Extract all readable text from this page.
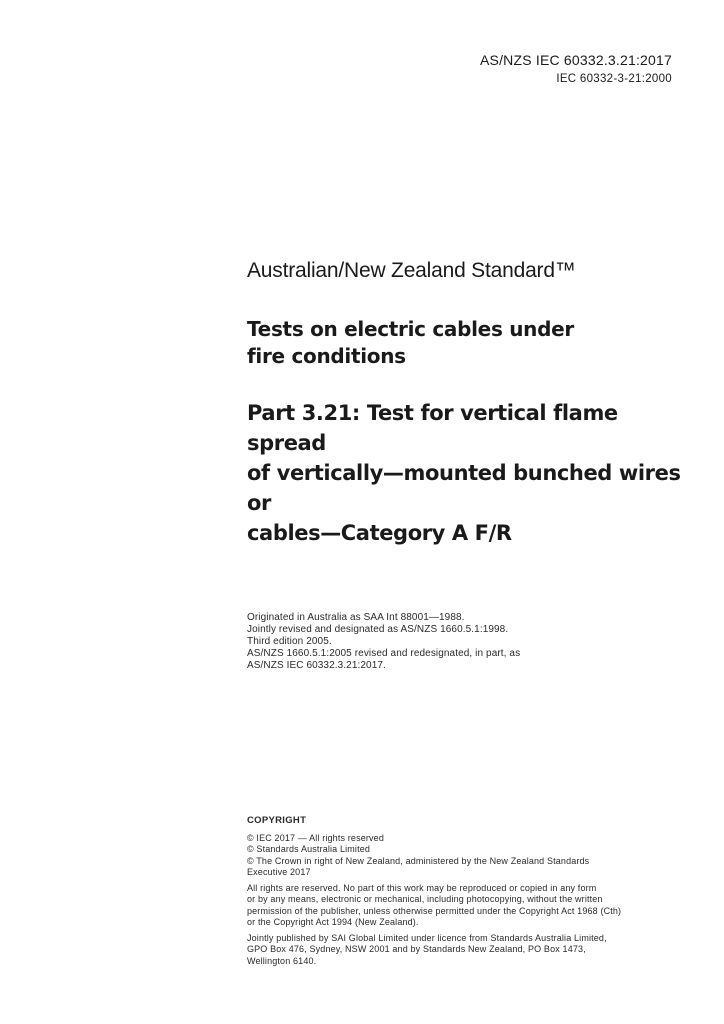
AS/NZS IEC 60332.3.21:2017
IEC 60332-3-21:2000
Australian/New Zealand Standard™
Tests on electric cables under
fire conditions
Part 3.21: Test for vertical flame spread
of vertically—mounted bunched wires or
cables—Category A F/R
Originated in Australia as SAA Int 88001—1988.
Jointly revised and designated as AS/NZS 1660.5.1:1998.
Third edition 2005.
AS/NZS 1660.5.1:2005 revised and redesignated, in part, as
AS/NZS IEC 60332.3.21:2017.
COPYRIGHT
© IEC 2017 — All rights reserved
© Standards Australia Limited
© The Crown in right of New Zealand, administered by the New Zealand Standards
Executive 2017
All rights are reserved. No part of this work may be reproduced or copied in any form
or by any means, electronic or mechanical, including photocopying, without the written
permission of the publisher, unless otherwise permitted under the Copyright Act 1968 (Cth)
or the Copyright Act 1994 (New Zealand).
Jointly published by SAI Global Limited under licence from Standards Australia Limited,
GPO Box 476, Sydney, NSW 2001 and by Standards New Zealand, PO Box 1473,
Wellington 6140.
